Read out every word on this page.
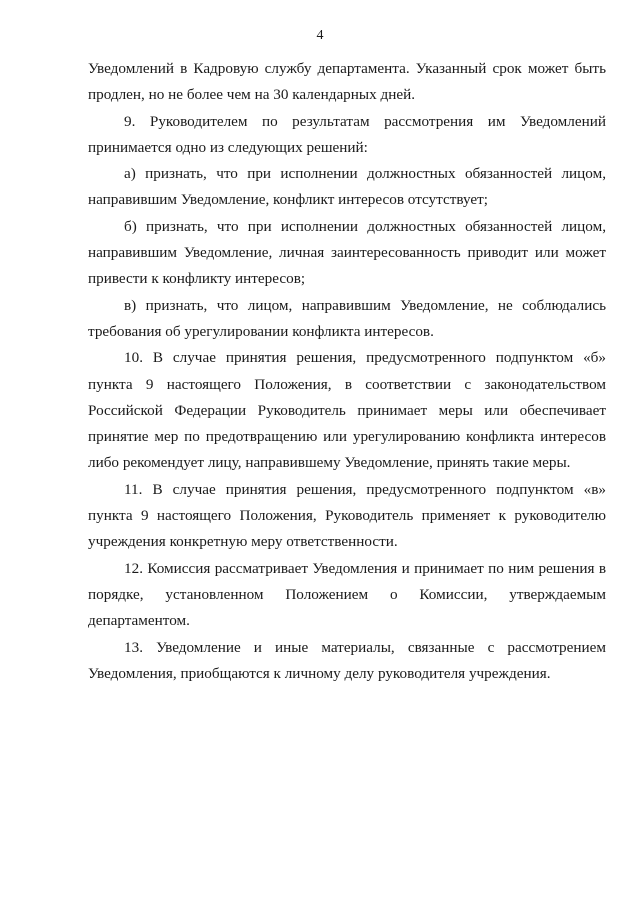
4
Уведомлений в Кадровую службу департамента. Указанный срок может быть
продлен, но не более чем на 30 календарных дней.
9. Руководителем по результатам рассмотрения им Уведомлений
принимается одно из следующих решений:
а) признать, что при исполнении должностных обязанностей лицом,
направившим Уведомление, конфликт интересов отсутствует;
б) признать, что при исполнении должностных обязанностей лицом,
направившим Уведомление, личная заинтересованность приводит или может
привести к конфликту интересов;
в) признать, что лицом, направившим Уведомление, не соблюдались
требования об урегулировании конфликта интересов.
10. В случае принятия решения, предусмотренного подпунктом «б»
пункта 9 настоящего Положения, в соответствии с законодательством
Российской Федерации Руководитель принимает меры или обеспечивает
принятие мер по предотвращению или урегулированию конфликта интересов
либо рекомендует лицу, направившему Уведомление, принять такие меры.
11. В случае принятия решения, предусмотренного подпунктом «в»
пункта 9 настоящего Положения, Руководитель применяет к руководителю
учреждения конкретную меру ответственности.
12. Комиссия рассматривает Уведомления и принимает по ним решения в
порядке, установленном Положением о Комиссии, утверждаемым
департаментом.
13. Уведомление и иные материалы, связанные с рассмотрением
Уведомления, приобщаются к личному делу руководителя учреждения.
